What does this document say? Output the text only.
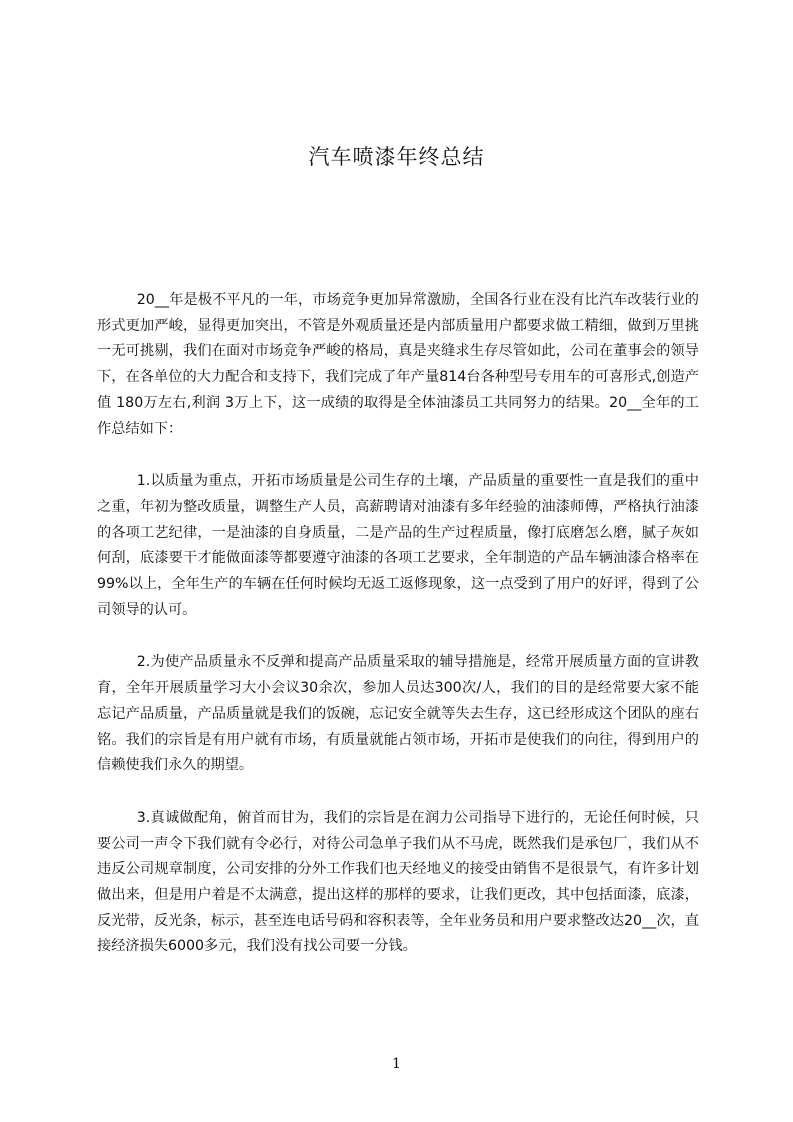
汽车喷漆年终总结

20__年是极不平凡的一年，市场竞争更加异常激励，全国各行业在没有比汽车改装行业的形式更加严峻，显得更加突出，不管是外观质量还是内部质量用户都要求做工精细，做到万里挑一无可挑剔，我们在面对市场竞争严峻的格局，真是夹缝求生存尽管如此，公司在董事会的领导下，在各单位的大力配合和支持下，我们完成了年产量814台各种型号专用车的可喜形式,创造产值 180万左右,利润 3万上下，这一成绩的取得是全体油漆员工共同努力的结果。20__全年的工作总结如下：

1.以质量为重点，开拓市场质量是公司生存的土壤，产品质量的重要性一直是我们的重中之重，年初为整改质量，调整生产人员，高薪聘请对油漆有多年经验的油漆师傅，严格执行油漆的各项工艺纪律，一是油漆的自身质量，二是产品的生产过程质量，像打底磨怎么磨，腻子灰如何刮，底漆要干才能做面漆等都要遵守油漆的各项工艺要求，全年制造的产品车辆油漆合格率在99%以上，全年生产的车辆在任何时候均无返工返修现象，这一点受到了用户的好评，得到了公司领导的认可。

2.为使产品质量永不反弹和提高产品质量采取的辅导措施是，经常开展质量方面的宣讲教育，全年开展质量学习大小会议30余次，参加人员达300次/人，我们的目的是经常要大家不能忘记产品质量，产品质量就是我们的饭碗，忘记安全就等失去生存，这已经形成这个团队的座右铭。我们的宗旨是有用户就有市场，有质量就能占领市场，开拓市是使我们的向往，得到用户的信赖使我们永久的期望。

3.真诚做配角，俯首而甘为，我们的宗旨是在润力公司指导下进行的，无论任何时候，只要公司一声令下我们就有令必行，对待公司急单子我们从不马虎，既然我们是承包厂，我们从不违反公司规章制度，公司安排的分外工作我们也天经地义的接受由销售不是很景气，有许多计划做出来，但是用户着是不太满意，提出这样的那样的要求，让我们更改，其中包括面漆，底漆，反光带，反光条，标示，甚至连电话号码和容积表等，全年业务员和用户要求整改达20__次，直接经济损失6000多元，我们没有找公司要一分钱。

1
